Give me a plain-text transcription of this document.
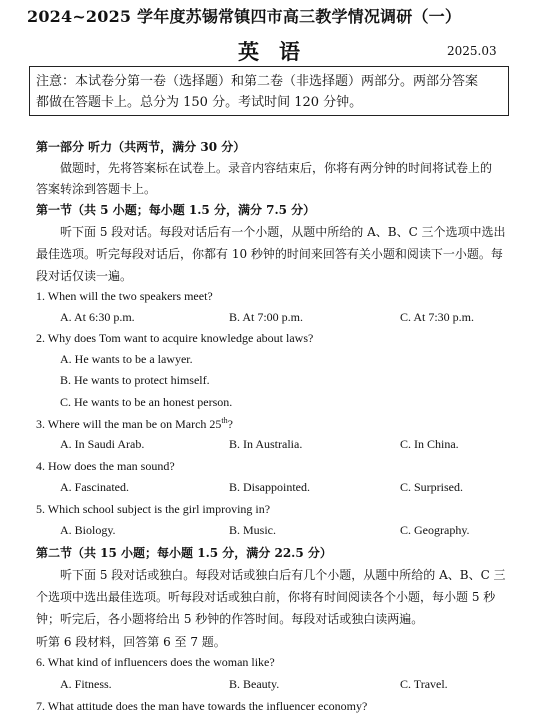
2024~2025 学年度苏锡常镇四市高三教学情况调研（一）
英语	2025.03
注意：本试卷分第一卷（选择题）和第二卷（非选择题）两部分。两部分答案
都做在答题卡上。总分为 150 分。考试时间 120 分钟。
第一部分 听力（共两节，满分 30 分）
做题时，先将答案标在试卷上。录音内容结束后，你将有两分钟的时间将试卷上的
答案转涂到答题卡上。
第一节（共 5 小题；每小题 1.5 分，满分 7.5 分）
听下面 5 段对话。每段对话后有一个小题，从题中所给的 A、B、C 三个选项中选出
最佳选项。听完每段对话后，你都有 10 秒钟的时间来回答有关小题和阅读下一小题。每
段对话仅读一遍。
1. When will the two speakers meet?
A. At 6:30 p.m.	B. At 7:00 p.m.	C. At 7:30 p.m.
2. Why does Tom want to acquire knowledge about laws?
A. He wants to be a lawyer.
B. He wants to protect himself.
C. He wants to be an honest person.
3. Where will the man be on March 25th?
A. In Saudi Arab.	B. In Australia.	C. In China.
4. How does the man sound?
A. Fascinated.	B. Disappointed.	C. Surprised.
5. Which school subject is the girl improving in?
A. Biology.	B. Music.	C. Geography.
第二节（共 15 小题；每小题 1.5 分，满分 22.5 分）
听下面 5 段对话或独白。每段对话或独白后有几个小题，从题中所给的 A、B、C 三
个选项中选出最佳选项。听每段对话或独白前，你将有时间阅读各个小题，每小题 5 秒
钟；听完后，各小题将给出 5 秒钟的作答时间。每段对话或独白读两遍。
听第 6 段材料，回答第 6 至 7 题。
6. What kind of influencers does the woman like?
A. Fitness.	B. Beauty.	C. Travel.
7. What attitude does the man have towards the influencer economy?
